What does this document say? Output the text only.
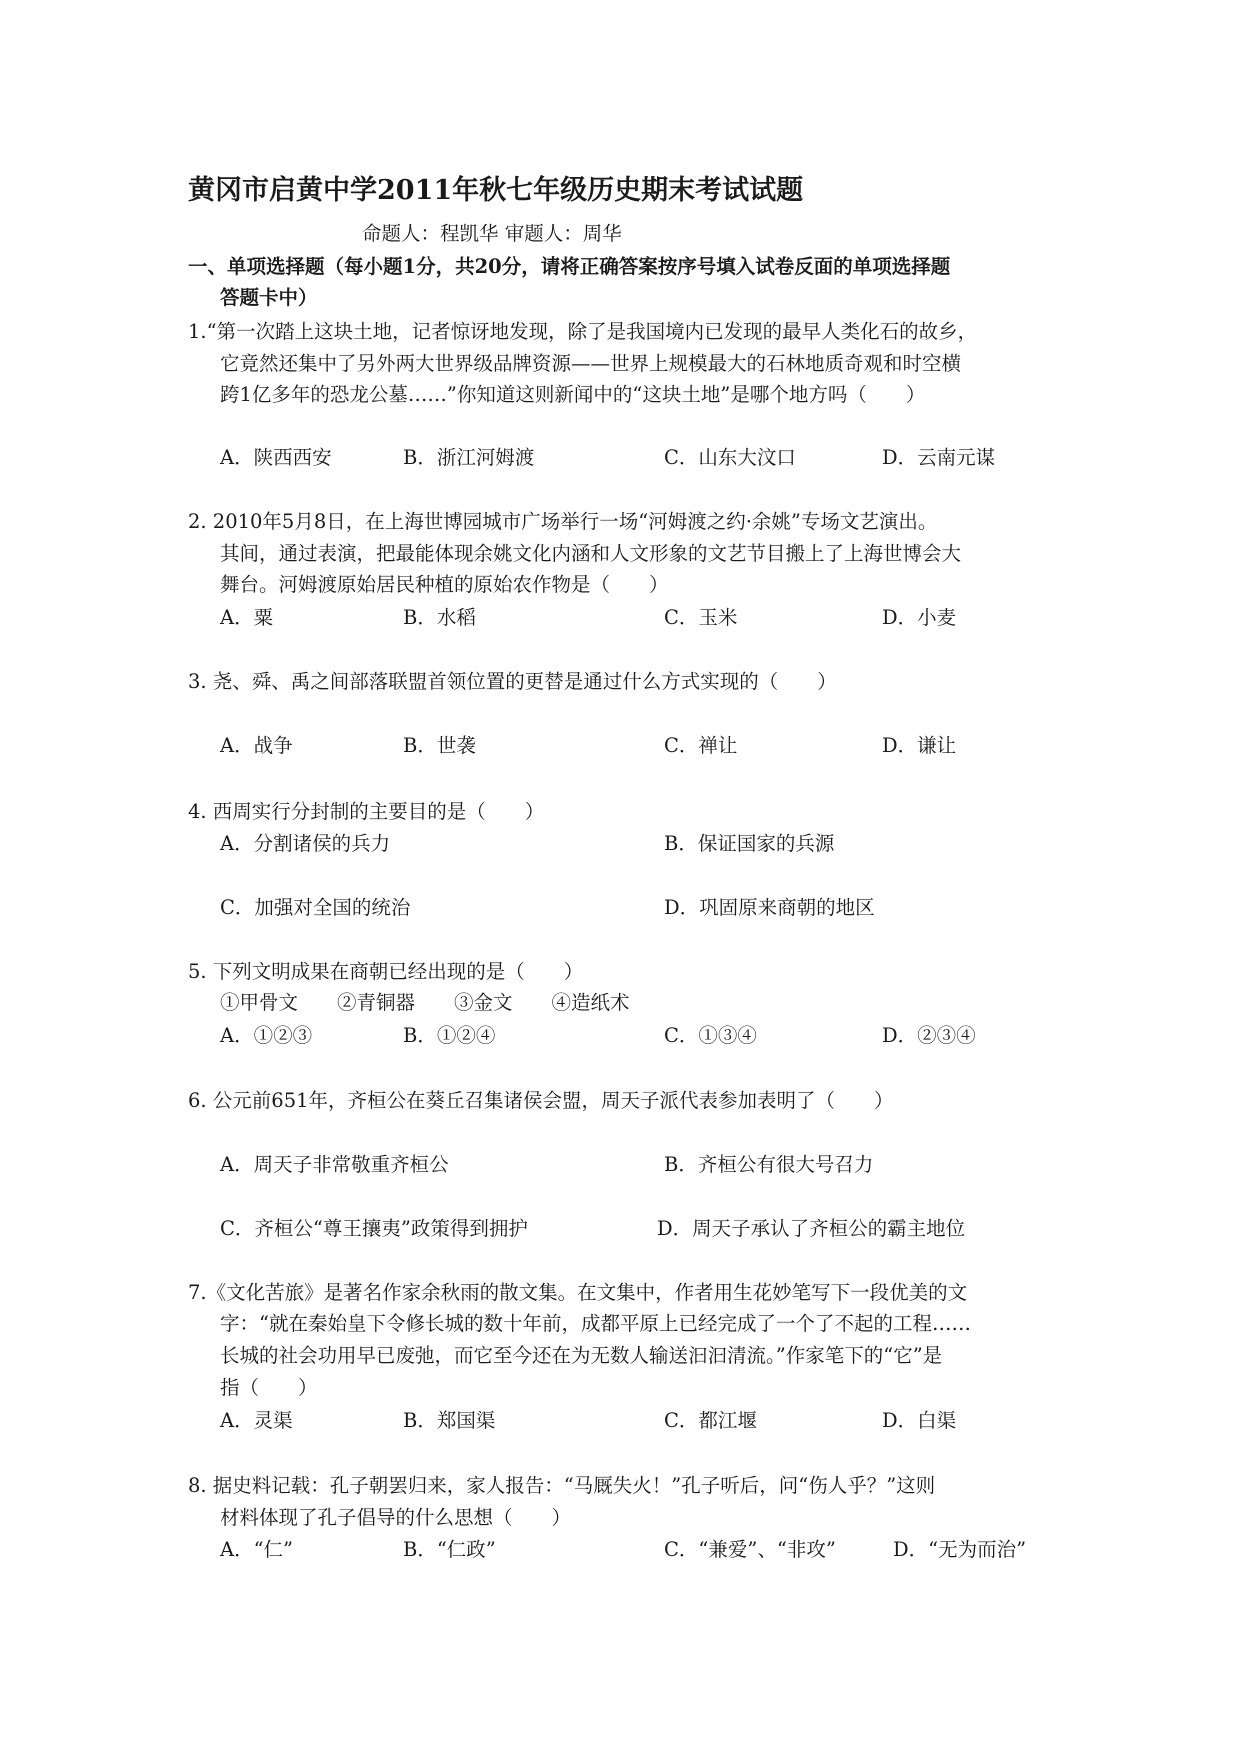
黄冈市启黄中学2011年秋七年级历史期末考试试题
命题人：程凯华 审题人：周华
一、单项选择题（每小题1分，共20分，请将正确答案按序号填入试卷反面的单项选择题
答题卡中）
1.“第一次踏上这块土地，记者惊讶地发现，除了是我国境内已发现的最早人类化石的故乡，
它竟然还集中了另外两大世界级品牌资源——世界上规模最大的石林地质奇观和时空横
跨1亿多年的恐龙公墓……”你知道这则新闻中的“这块土地”是哪个地方吗（　　）
A．陕西西安	B．浙江河姆渡	C．山东大汶口	D．云南元谋
2. 2010年5月8日，在上海世博园城市广场举行一场“河姆渡之约·余姚”专场文艺演出。
其间，通过表演，把最能体现余姚文化内涵和人文形象的文艺节目搬上了上海世博会大
舞台。河姆渡原始居民种植的原始农作物是（　　）
A．粟	B．水稻	C．玉米	D．小麦
3. 尧、舜、禹之间部落联盟首领位置的更替是通过什么方式实现的（　　）
A．战争	B．世袭	C．禅让	D．谦让
4. 西周实行分封制的主要目的是（　　）
A．分割诸侯的兵力	B．保证国家的兵源
C．加强对全国的统治	D．巩固原来商朝的地区
5. 下列文明成果在商朝已经出现的是（　　）
①甲骨文　　②青铜器　　③金文　　④造纸术
A．①②③	B．①②④	C．①③④	D．②③④
6. 公元前651年，齐桓公在葵丘召集诸侯会盟，周天子派代表参加表明了（　　）
A．周天子非常敬重齐桓公	B．齐桓公有很大号召力
C．齐桓公“尊王攘夷”政策得到拥护	D．周天子承认了齐桓公的霸主地位
7.《文化苦旅》是著名作家余秋雨的散文集。在文集中，作者用生花妙笔写下一段优美的文
字：“就在秦始皇下令修长城的数十年前，成都平原上已经完成了一个了不起的工程……
长城的社会功用早已废弛，而它至今还在为无数人输送汩汩清流。”作家笔下的“它”是
指（　　）
A．灵渠	B．郑国渠	C．都江堰	D．白渠
8. 据史料记载：孔子朝罢归来，家人报告：“马厩失火！”孔子听后，问“伤人乎？”这则
材料体现了孔子倡导的什么思想（　　）
A．“仁”	B．“仁政”	C．“兼爱”、“非攻”	D．“无为而治”
